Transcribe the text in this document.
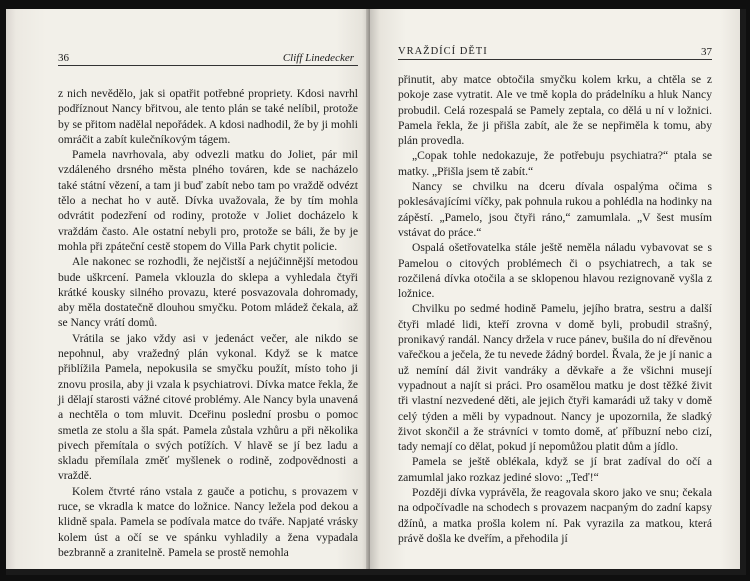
36	Cliff Linedecker

z nich nevědělo, jak si opatřit potřebné propriety. Kdosi navrhl podříznout Nancy břitvou, ale tento plán se také nelíbil, protože by se přitom nadělal nepořádek. A kdosi nadhodil, že by ji mohli omráčit a zabít kulečníkovým tágem.

Pamela navrhovala, aby odvezli matku do Joliet, pár mil vzdáleného drsného města plného továren, kde se nacházelo také státní vězení, a tam ji buď zabít nebo tam po vraždě odvézt tělo a nechat ho v autě. Dívka uvažovala, že by tím mohla odvrátit podezření od rodiny, protože v Joliet docházelo k vraždám často. Ale ostatní nebyli pro, protože se báli, že by je mohla při zpáteční cestě stopem do Villa Park chytit policie.

Ale nakonec se rozhodli, že nejčistší a nejúčinnější metodou bude uškrcení. Pamela vklouzla do sklepa a vyhledala čtyři krátké kousky silného provazu, které posvazovala dohromady, aby měla dostatečně dlouhou smyčku. Potom mládež čekala, až se Nancy vrátí domů.

Vrátila se jako vždy asi v jedenáct večer, ale nikdo se nepohnul, aby vražedný plán vykonal. Když se k matce přiblížila Pamela, nepokusila se smyčku použít, místo toho ji znovu prosila, aby ji vzala k psychiatrovi. Dívka matce řekla, že ji dělají starosti vážné citové problémy. Ale Nancy byla unavená a nechtěla o tom mluvit. Dceřinu poslední prosbu o pomoc smetla ze stolu a šla spát. Pamela zůstala vzhůru a při několika pivech přemítala o svých potížích. V hlavě se jí bez ladu a skladu přemílala změť myšlenek o rodině, zodpovědnosti a vraždě.

Kolem čtvrté ráno vstala z gauče a potichu, s provazem v ruce, se vkradla k matce do ložnice. Nancy ležela pod dekou a klidně spala. Pamela se podívala matce do tváře. Napjaté vrásky kolem úst a očí se ve spánku vyhladily a žena vypadala bezbranně a zranitelně. Pamela se prostě nemohla

VRAŽDÍCÍ DĚTI	37

přinutit, aby matce obtočila smyčku kolem krku, a chtěla se z pokoje zase vytratit. Ale ve tmě kopla do prádelníku a hluk Nancy probudil. Celá rozespalá se Pamely zeptala, co dělá u ní v ložnici. Pamela řekla, že ji přišla zabít, ale že se nepřiměla k tomu, aby plán provedla.

„Copak tohle nedokazuje, že potřebuju psychiatra?“ ptala se matky. „Přišla jsem tě zabít.“

Nancy se chvilku na dceru dívala ospalýma očima s poklesávajícími víčky, pak pohnula rukou a pohlédla na hodinky na zápěstí. „Pamelo, jsou čtyři ráno,“ zamumlala. „V šest musím vstávat do práce.“

Ospalá ošetřovatelka stále ještě neměla náladu vybavovat se s Pamelou o citových problémech či o psychiatrech, a tak se rozčilená dívka otočila a se sklopenou hlavou rezignovaně vyšla z ložnice.

Chvilku po sedmé hodině Pamelu, jejího bratra, sestru a další čtyři mladé lidi, kteří zrovna v domě byli, probudil strašný, pronikavý randál. Nancy držela v ruce pánev, bušila do ní dřevěnou vařečkou a ječela, že tu nevede žádný bordel. Řvala, že je jí nanic a už nemíní dál živit vandráky a děvkaře a že všichni musejí vypadnout a najít si práci. Pro osamělou matku je dost těžké živit tři vlastní nezvedené děti, ale jejich čtyři kamarádi už taky v domě celý týden a měli by vypadnout. Nancy je upozornila, že sladký život skončil a že strávníci v tomto domě, ať příbuzní nebo cizí, tady nemají co dělat, pokud jí nepomůžou platit dům a jídlo.

Pamela se ještě oblékala, když se jí brat zadíval do očí a zamumlal jako rozkaz jediné slovo: „Teď!“

Později dívka vyprávěla, že reagovala skoro jako ve snu; čekala na odpočívadle na schodech s provazem nacpaným do zadní kapsy džínů, a matka prošla kolem ní. Pak vyrazila za matkou, která právě došla ke dveřím, a přehodila jí
